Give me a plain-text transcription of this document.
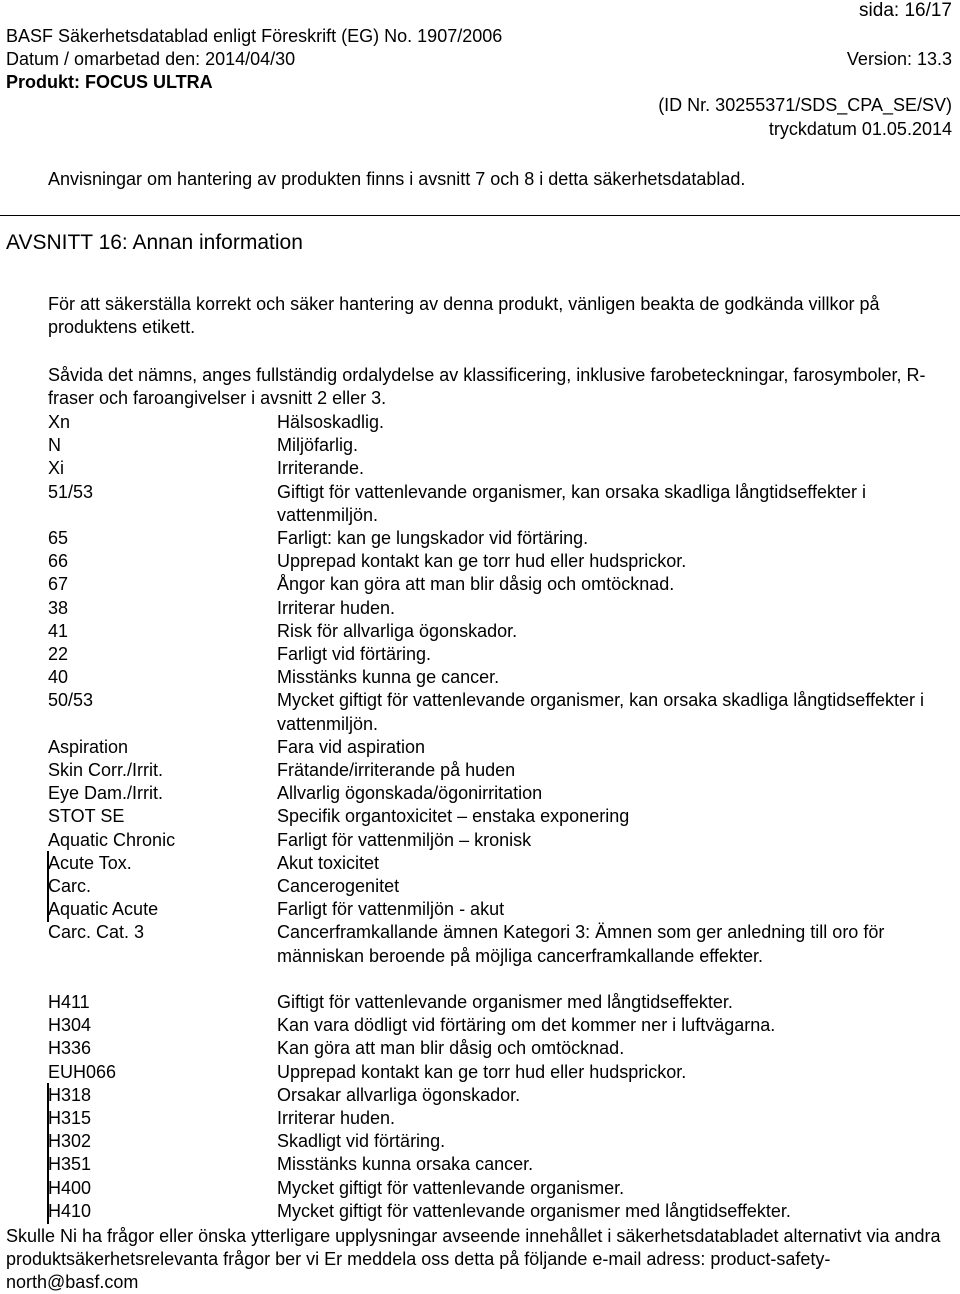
sida: 16/17
BASF Säkerhetsdatablad enligt Föreskrift (EG) No. 1907/2006
Datum / omarbetad den: 2014/04/30	Version: 13.3
Produkt: FOCUS ULTRA
(ID Nr. 30255371/SDS_CPA_SE/SV)
tryckdatum 01.05.2014
Anvisningar om hantering av produkten finns i avsnitt 7 och 8 i detta säkerhetsdatablad.
AVSNITT 16: Annan information
För att säkerställa korrekt och säker hantering av denna produkt, vänligen beakta de godkända villkor på produktens etikett.
Såvida det nämns, anges fullständig ordalydelse av klassificering, inklusive farobeteckningar, farosymboler, R-fraser och faroangivelser i avsnitt 2 eller 3.
Xn	Hälsoskadlig.
N	Miljöfarlig.
Xi	Irriterande.
51/53	Giftigt för vattenlevande organismer, kan orsaka skadliga långtidseffekter i vattenmiljön.
65	Farligt: kan ge lungskador vid förtäring.
66	Upprepad kontakt kan ge torr hud eller hudsprickor.
67	Ångor kan göra att man blir dåsig och omtöcknad.
38	Irriterar huden.
41	Risk för allvarliga ögonskador.
22	Farligt vid förtäring.
40	Misstänks kunna ge cancer.
50/53	Mycket giftigt för vattenlevande organismer, kan orsaka skadliga långtidseffekter i vattenmiljön.
Aspiration	Fara vid aspiration
Skin Corr./Irrit.	Frätande/irriterande på huden
Eye Dam./Irrit.	Allvarlig ögonskada/ögonirritation
STOT SE	Specifik organtoxicitet – enstaka exponering
Aquatic Chronic	Farligt för vattenmiljön – kronisk
Acute Tox.	Akut toxicitet
Carc.	Cancerogenitet
Aquatic Acute	Farligt för vattenmiljön - akut
Carc. Cat. 3	Cancerframkallande ämnen Kategori 3: Ämnen som ger anledning till oro för människan beroende på möjliga cancerframkallande effekter.
H411	Giftigt för vattenlevande organismer med långtidseffekter.
H304	Kan vara dödligt vid förtäring om det kommer ner i luftvägarna.
H336	Kan göra att man blir dåsig och omtöcknad.
EUH066	Upprepad kontakt kan ge torr hud eller hudsprickor.
H318	Orsakar allvarliga ögonskador.
H315	Irriterar huden.
H302	Skadligt vid förtäring.
H351	Misstänks kunna orsaka cancer.
H400	Mycket giftigt för vattenlevande organismer.
H410	Mycket giftigt för vattenlevande organismer med långtidseffekter.
Skulle Ni ha frågor eller önska ytterligare upplysningar avseende innehållet i säkerhetsdatabladet alternativt via andra produktsäkerhetsrelevanta frågor ber vi Er meddela oss detta på följande e-mail adress: product-safety-north@basf.com
